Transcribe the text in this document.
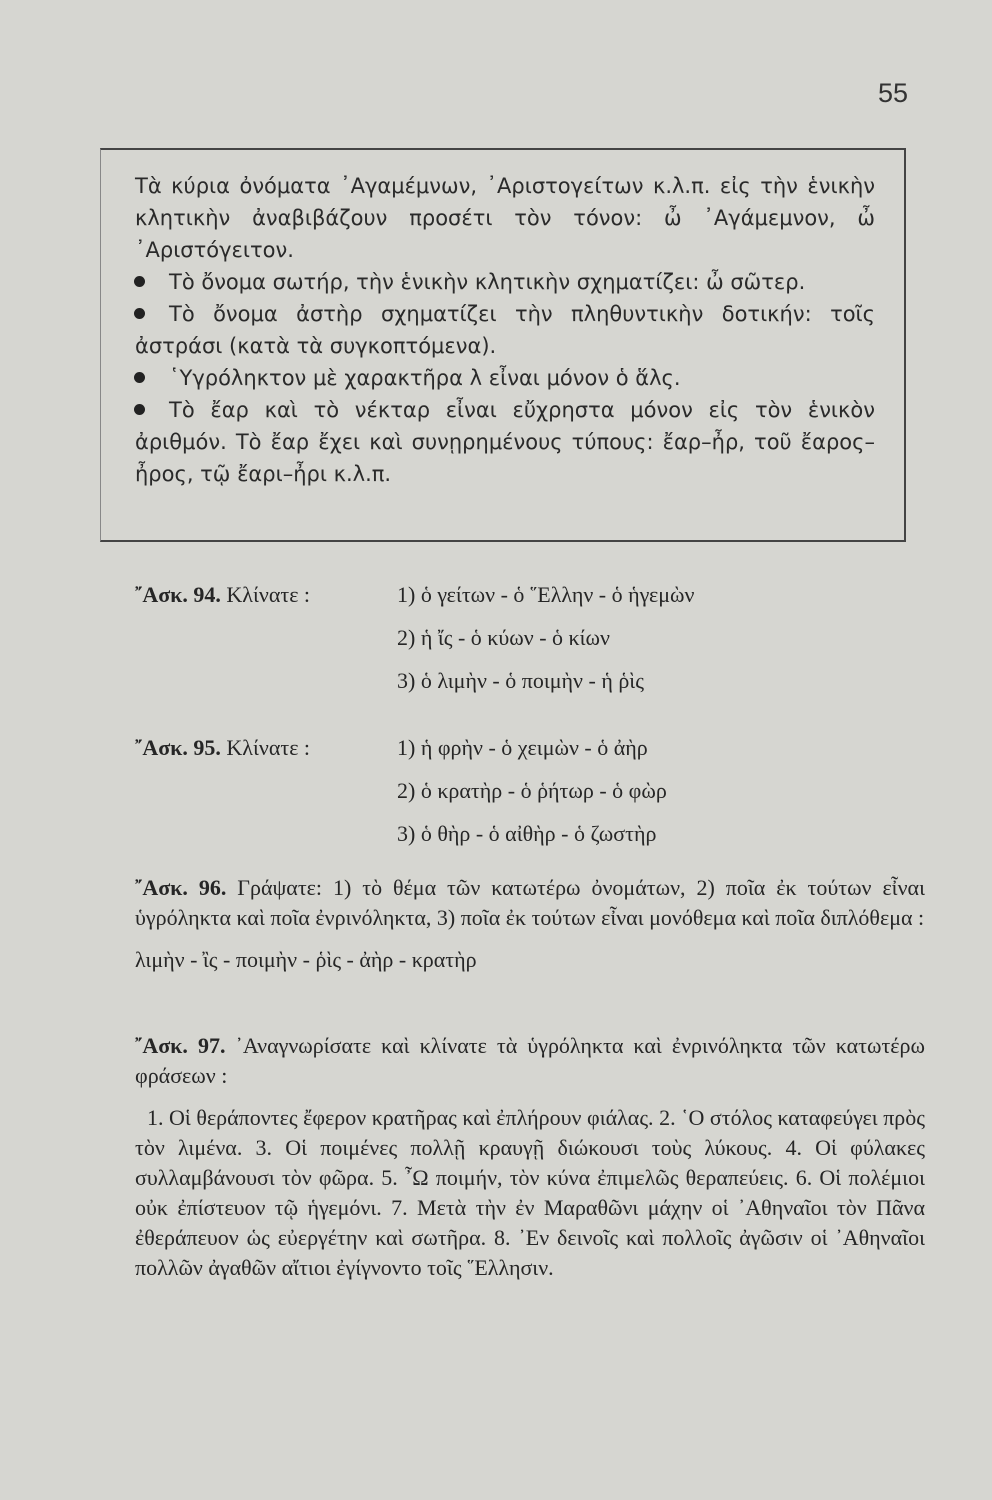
55

Τὰ κύρια ὀνόματα ᾿Αγαμέμνων, ᾿Αριστογείτων κ.λ.π. εἰς τὴν ἑνικὴν κλητικὴν ἀναβιβάζουν προσέτι τὸν τόνον: ὦ ᾿Αγάμεμνον, ὦ ᾿Αριστόγειτον.

Τὸ ὄνομα σωτήρ, τὴν ἑνικὴν κλητικὴν σχηματίζει: ὦ σῶτερ.

Τὸ ὄνομα ἀστὴρ σχηματίζει τὴν πληθυντικὴν δοτικήν: τοῖς ἀστράσι (κατὰ τὰ συγκοπτόμενα).

῾Υγρόληκτον μὲ χαρακτῆρα λ εἶναι μόνον ὁ ἅλς.

Τὸ ἔαρ καὶ τὸ νέκταρ εἶναι εὔχρηστα μόνον εἰς τὸν ἑνικὸν ἀριθμόν. Τὸ ἔαρ ἔχει καὶ συνῃρημένους τύπους: ἔαρ–ἦρ, τοῦ ἔαρος–ἦρος, τῷ ἔαρι–ἦρι κ.λ.π.

῎Ασκ. 94. Κλίνατε :	1) ὁ γείτων - ὁ ῞Ελλην - ὁ ἡγεμὼν
2) ἡ ἴς - ὁ κύων - ὁ κίων
3) ὁ λιμὴν - ὁ ποιμὴν - ἡ ῥὶς
῎Ασκ. 95. Κλίνατε :	1) ἡ φρὴν - ὁ χειμὼν - ὁ ἀὴρ
2) ὁ κρατὴρ - ὁ ῥήτωρ - ὁ φὼρ
3) ὁ θὴρ - ὁ αἰθὴρ - ὁ ζωστὴρ

῎Ασκ. 96. Γράψατε: 1) τὸ θέμα τῶν κατωτέρω ὀνομάτων, 2) ποῖα ἐκ τούτων εἶναι ὑγρόληκτα καὶ ποῖα ἐνρινόληκτα, 3) ποῖα ἐκ τούτων εἶναι μονόθεμα καὶ ποῖα διπλόθεμα :

λιμὴν - ἲς - ποιμὴν - ῥὶς - ἀὴρ - κρατὴρ

῎Ασκ. 97. ᾿Αναγνωρίσατε καὶ κλίνατε τὰ ὑγρόληκτα καὶ ἐνρινόληκτα τῶν κατωτέρω φράσεων :

1. Οἱ θεράποντες ἔφερον κρατῆρας καὶ ἐπλήρουν φιάλας. 2. ῾Ο στόλος καταφεύγει πρὸς τὸν λιμένα. 3. Οἱ ποιμένες πολλῇ κραυγῇ διώκουσι τοὺς λύκους. 4. Οἱ φύλακες συλλαμβάνουσι τὸν φῶρα. 5. ῏Ω ποιμήν, τὸν κύνα ἐπιμελῶς θεραπεύεις. 6. Οἱ πολέμιοι οὐκ ἐπίστευον τῷ ἡγεμόνι. 7. Μετὰ τὴν ἐν Μαραθῶνι μάχην οἱ ᾿Αθηναῖοι τὸν Πᾶνα ἐθεράπευον ὡς εὐεργέτην καὶ σωτῆρα. 8. ᾿Εν δεινοῖς καὶ πολλοῖς ἀγῶσιν οἱ ᾿Αθηναῖοι πολλῶν ἀγαθῶν αἴτιοι ἐγίγνοντο τοῖς ῞Ελλησιν.
